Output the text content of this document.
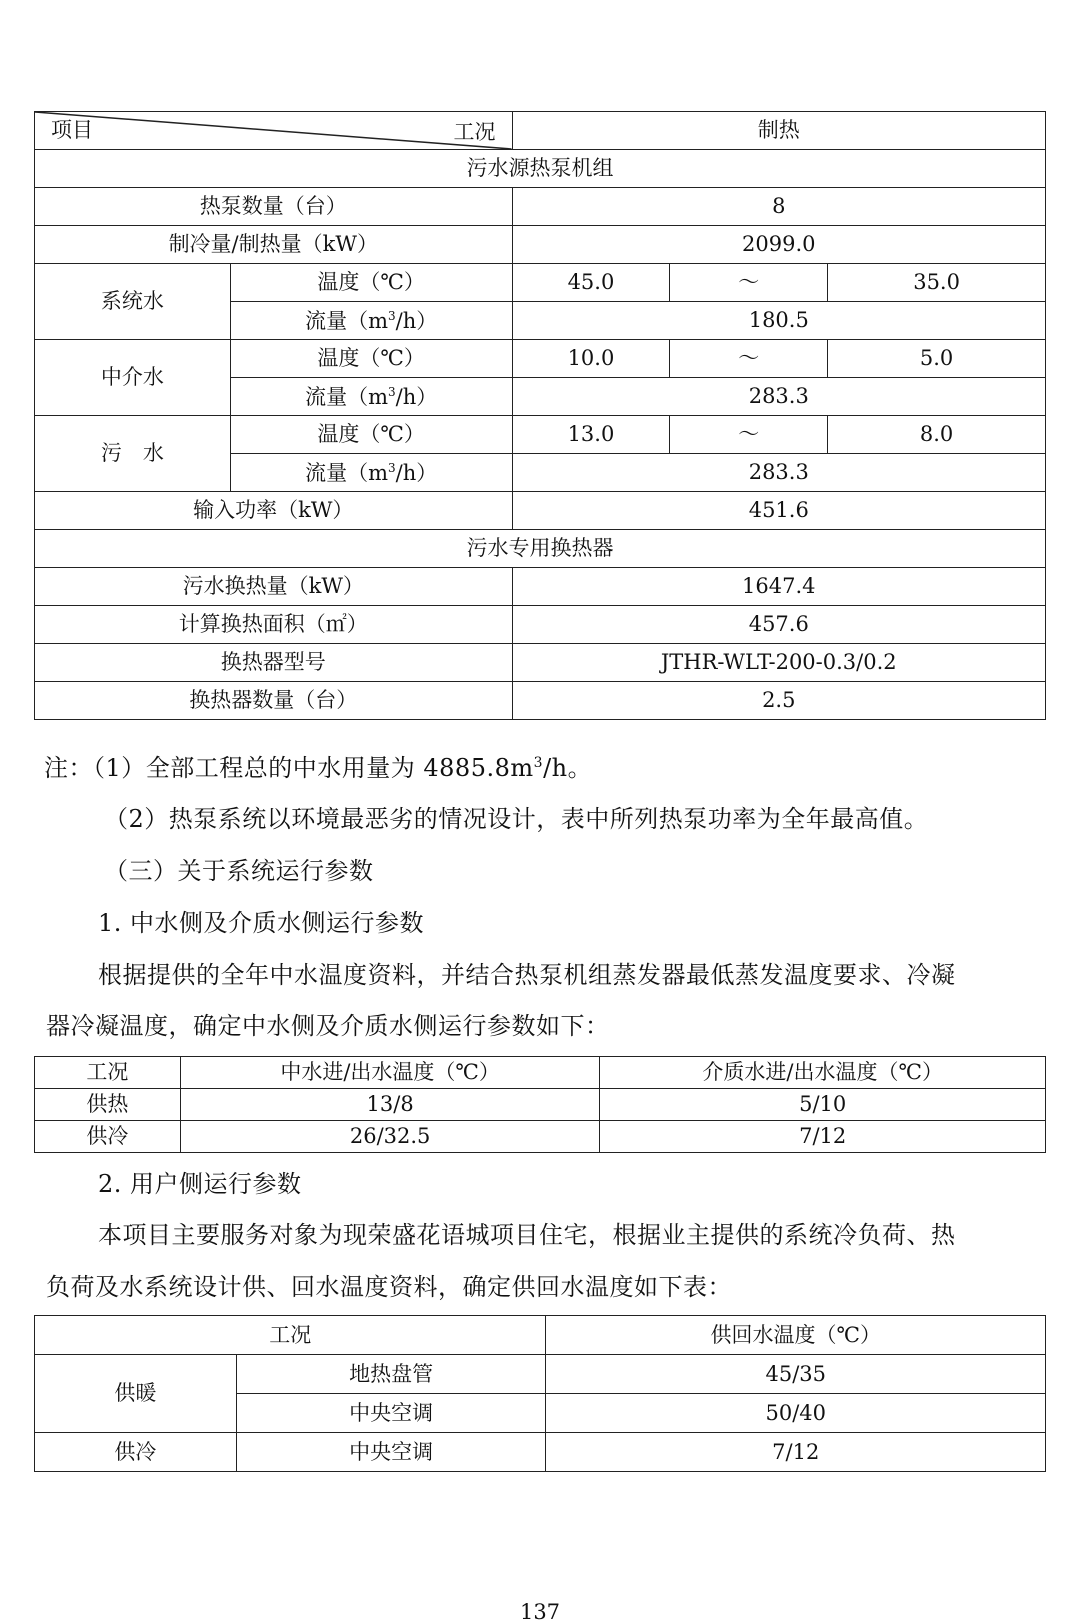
项目 工况		制热		
污水源热泵机组				
热泵数量（台）		8		
制冷量/制热量（kW）		2099.0		
系统水	温度（℃）	45.0	～	35.0
	流量$(m^3/h)$	180.5		
中介水	温度（℃）	10.0	～	5.0
	流量$(m^3/h)$	283.3		
污　水	温度（℃）	13.0	～	8.0
	流量$(m^3/h)$	283.3		
输入功率（kW）		451.6		
污水专用换热器				
污水换热量（kW）		1647.4		
计算换热面积（㎡）		457.6		
换热器型号		JTHR-WLT-200-0.3/0.2		
换热器数量（台）		2.5		
注：（1）全部工程总的中水用量为 $4885.8m^3/h$。
（2）热泵系统以环境最恶劣的情况设计，表中所列热泵功率为全年最高值。
（三）关于系统运行参数
1. 中水侧及介质水侧运行参数
根据提供的全年中水温度资料，并结合热泵机组蒸发器最低蒸发温度要求、冷凝
器冷凝温度，确定中水侧及介质水侧运行参数如下：
工况	中水进/出水温度（℃）	介质水进/出水温度（℃）
供热	13/8	5/10
供冷	26/32.5	7/12
2. 用户侧运行参数
本项目主要服务对象为现荣盛花语城项目住宅，根据业主提供的系统冷负荷、热
负荷及水系统设计供、回水温度资料，确定供回水温度如下表：
工况		供回水温度（℃）
供暖	地热盘管	45/35
	中央空调	50/40
供冷	中央空调	7/12
137
